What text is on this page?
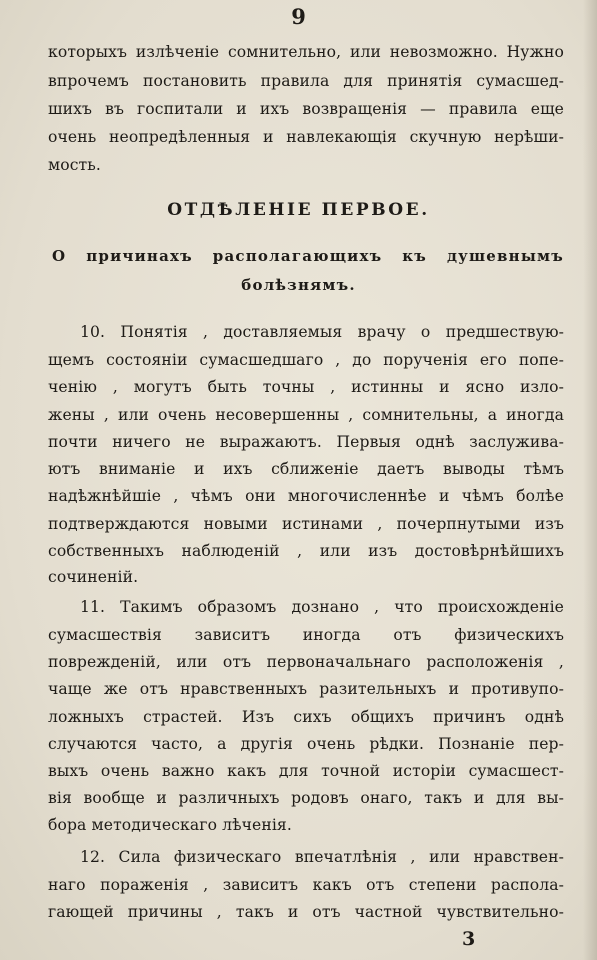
9
которыхъ излѣченіе сомнительно, или невозможно. Нужно
впрочемъ постановить правила для принятія сумасшед-
шихъ въ госпитали и ихъ возвращенія — правила еще
очень неопредѣленныя и навлекающія скучную нерѣши-
мость.
ОТДѢЛЕНІЕ ПЕРВОЕ.
О причинахъ располагающихъ къ душевнымъ
болѣзнямъ.
10. Понятія , доставляемыя врачу о предшествую-
щемъ состояніи сумасшедшаго , до порученія его попе-
ченію , могутъ быть точны , истинны и ясно изло-
жены , или очень несовершенны , сомнительны, а иногда
почти ничего не выражаютъ. Первыя однѣ заслуживa-
ютъ вниманіе и ихъ сближеніе даетъ выводы тѣмъ
надѣжнѣйшіе , чѣмъ они многочисленнѣе и чѣмъ болѣе
подтверждаются новыми истинами , почерпнутыми изъ
собственныхъ наблюденій , или изъ достовѣрнѣйшихъ
сочиненій.
11. Такимъ образомъ дознано , что происхожденіе
сумасшествія зависитъ иногда отъ физическихъ
поврежденій, или отъ первоначальнаго расположенія ,
чаще же отъ нравственныхъ разительныхъ и противупо-
ложныхъ страстей. Изъ сихъ общихъ причинъ однѣ
случаются часто, а другія очень рѣдки. Познаніе пер-
выхъ очень важно какъ для точной исторіи сумасшест-
вія вообще и различныхъ родовъ онаго, такъ и для вы-
бора методическаго лѣченія.
12. Сила физическаго впечатлѣнія , или нравствен-
наго пораженія , зависитъ какъ отъ степени распола-
гающей причины , такъ и отъ частной чувствительно-
3
